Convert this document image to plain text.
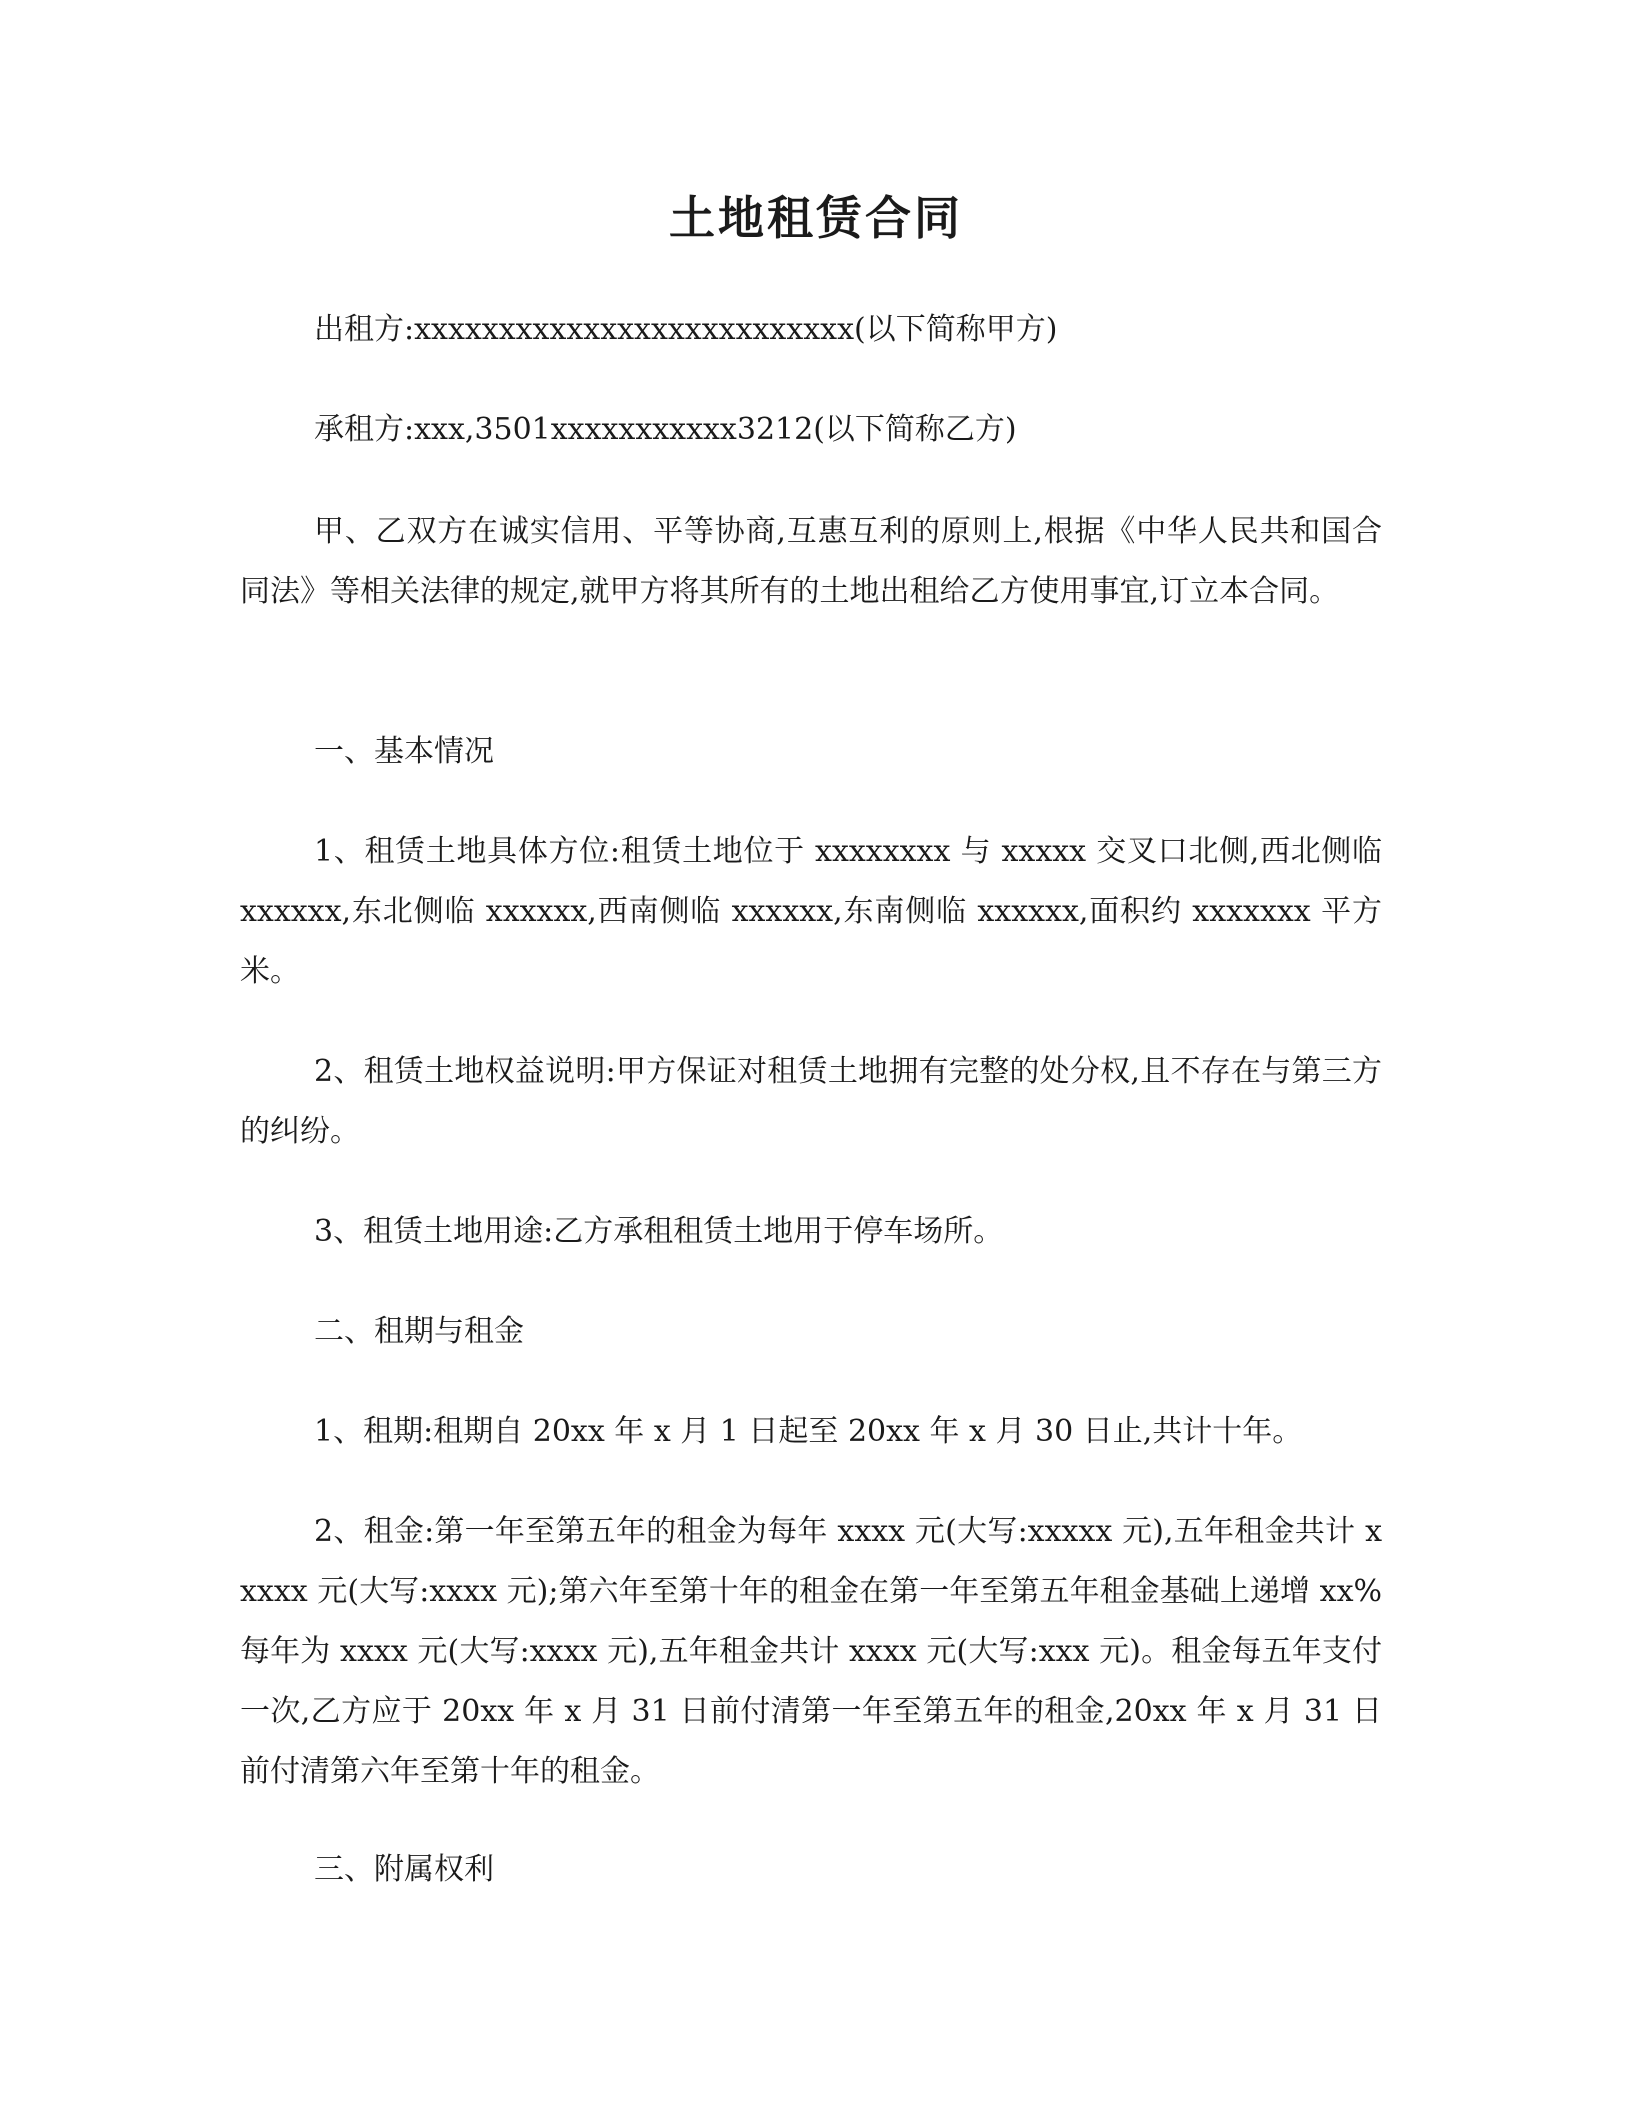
土地租赁合同

出租方:xxxxxxxxxxxxxxxxxxxxxxxxxx(以下简称甲方)

承租方:xxx,3501xxxxxxxxxxx3212(以下简称乙方)

甲、乙双方在诚实信用、平等协商,互惠互利的原则上,根据《中华人民共和国合同法》等相关法律的规定,就甲方将其所有的土地出租给乙方使用事宜,订立本合同。

一、基本情况

1、租赁土地具体方位:租赁土地位于 xxxxxxxx 与 xxxxx 交叉口北侧,西北侧临 xxxxxx,东北侧临 xxxxxx,西南侧临 xxxxxx,东南侧临 xxxxxx,面积约 xxxxxxx 平方米。

2、租赁土地权益说明:甲方保证对租赁土地拥有完整的处分权,且不存在与第三方的纠纷。

3、租赁土地用途:乙方承租租赁土地用于停车场所。

二、租期与租金

1、租期:租期自 20xx 年 x 月 1 日起至 20xx 年 x 月 30 日止,共计十年。

2、租金:第一年至第五年的租金为每年 xxxx 元(大写:xxxxx 元),五年租金共计 xxxxx 元(大写:xxxx 元);第六年至第十年的租金在第一年至第五年租金基础上递增 xx%每年为 xxxx 元(大写:xxxx 元),五年租金共计 xxxx 元(大写:xxx 元)。租金每五年支付一次,乙方应于 20xx 年 x 月 31 日前付清第一年至第五年的租金,20xx 年 x 月 31 日前付清第六年至第十年的租金。

三、附属权利
